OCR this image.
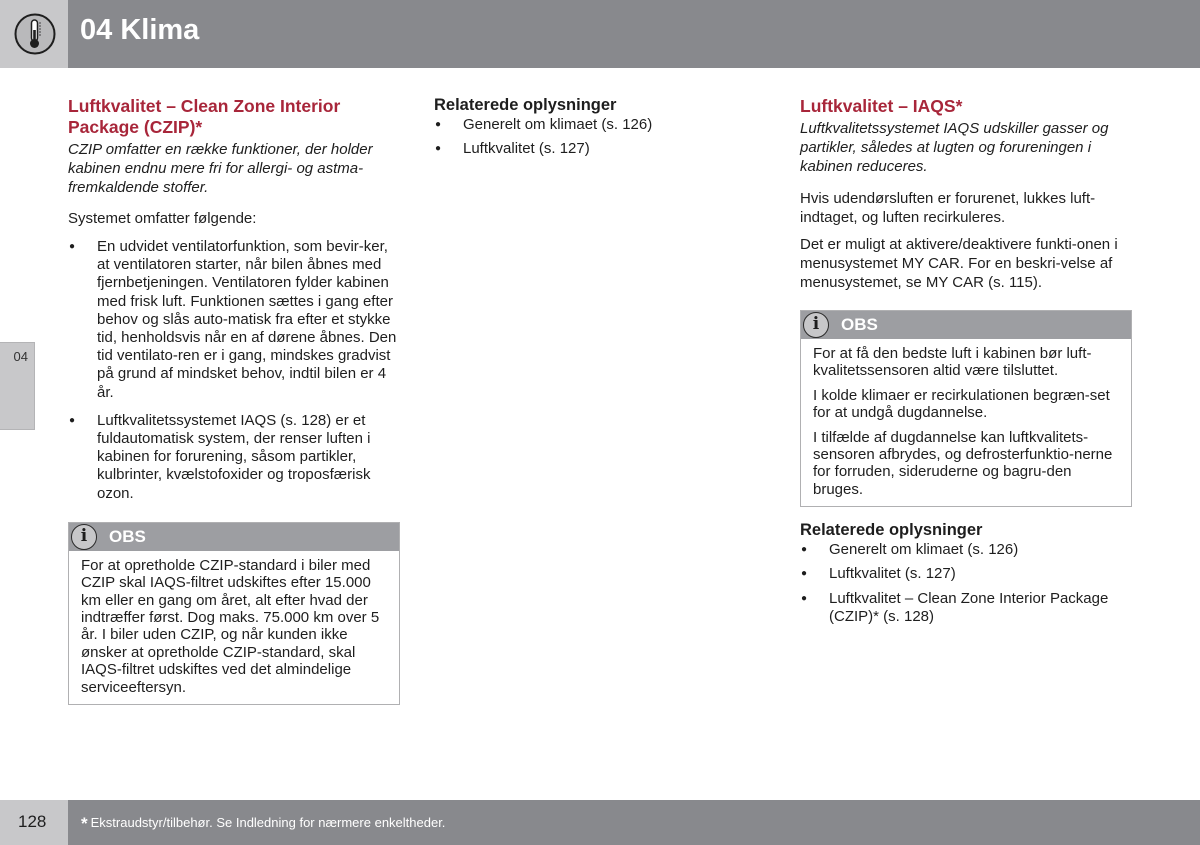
04 Klima
04
Luftkvalitet – Clean Zone Interior Package (CZIP)*

CZIP omfatter en række funktioner, der holder kabinen endnu mere fri for allergi- og astma-fremkaldende stoffer.

Systemet omfatter følgende:

● En udvidet ventilatorfunktion, som bevir-ker, at ventilatoren starter, når bilen åbnes med fjernbetjeningen. Ventilatoren fylder kabinen med frisk luft. Funktionen sættes i gang efter behov og slås auto-matisk fra efter et stykke tid, henholdsvis når en af dørene åbnes. Den tid ventilato-ren er i gang, mindskes gradvist på grund af mindsket behov, indtil bilen er 4 år.
● Luftkvalitetssystemet IAQS (s. 128) er et fuldautomatisk system, der renser luften i kabinen for forurening, såsom partikler, kulbrinter, kvælstofoxider og troposfærisk ozon.
i	OBS

For at opretholde CZIP-standard i biler med CZIP skal IAQS-filtret udskiftes efter 15.000 km eller en gang om året, alt efter hvad der indtræffer først. Dog maks. 75.000 km over 5 år. I biler uden CZIP, og når kunden ikke ønsker at opretholde CZIP-standard, skal IAQS-filtret udskiftes ved det almindelige serviceeftersyn.

Relaterede oplysninger
● Generelt om klimaet (s. 126)
● Luftkvalitet (s. 127)
Luftkvalitet – IAQS*

Luftkvalitetssystemet IAQS udskiller gasser og partikler, således at lugten og forureningen i kabinen reduceres.

Hvis udendørsluften er forurenet, lukkes luft-indtaget, og luften recirkuleres.

Det er muligt at aktivere/deaktivere funkti-onen i menusystemet MY CAR. For en beskri-velse af menusystemet, se MY CAR (s. 115).

i	OBS

For at få den bedste luft i kabinen bør luft-kvalitetssensoren altid være tilsluttet.

I kolde klimaer er recirkulationen begræn-set for at undgå dugdannelse.

I tilfælde af dugdannelse kan luftkvalitets-sensoren afbrydes, og defrosterfunktio-nerne for forruden, sideruderne og bagru-den bruges.

Relaterede oplysninger
● Generelt om klimaet (s. 126)
● Luftkvalitet (s. 127)
● Luftkvalitet – Clean Zone Interior Package (CZIP)* (s. 128)
128 * Ekstraudstyr/tilbehør. Se Indledning for nærmere enkeltheder.
